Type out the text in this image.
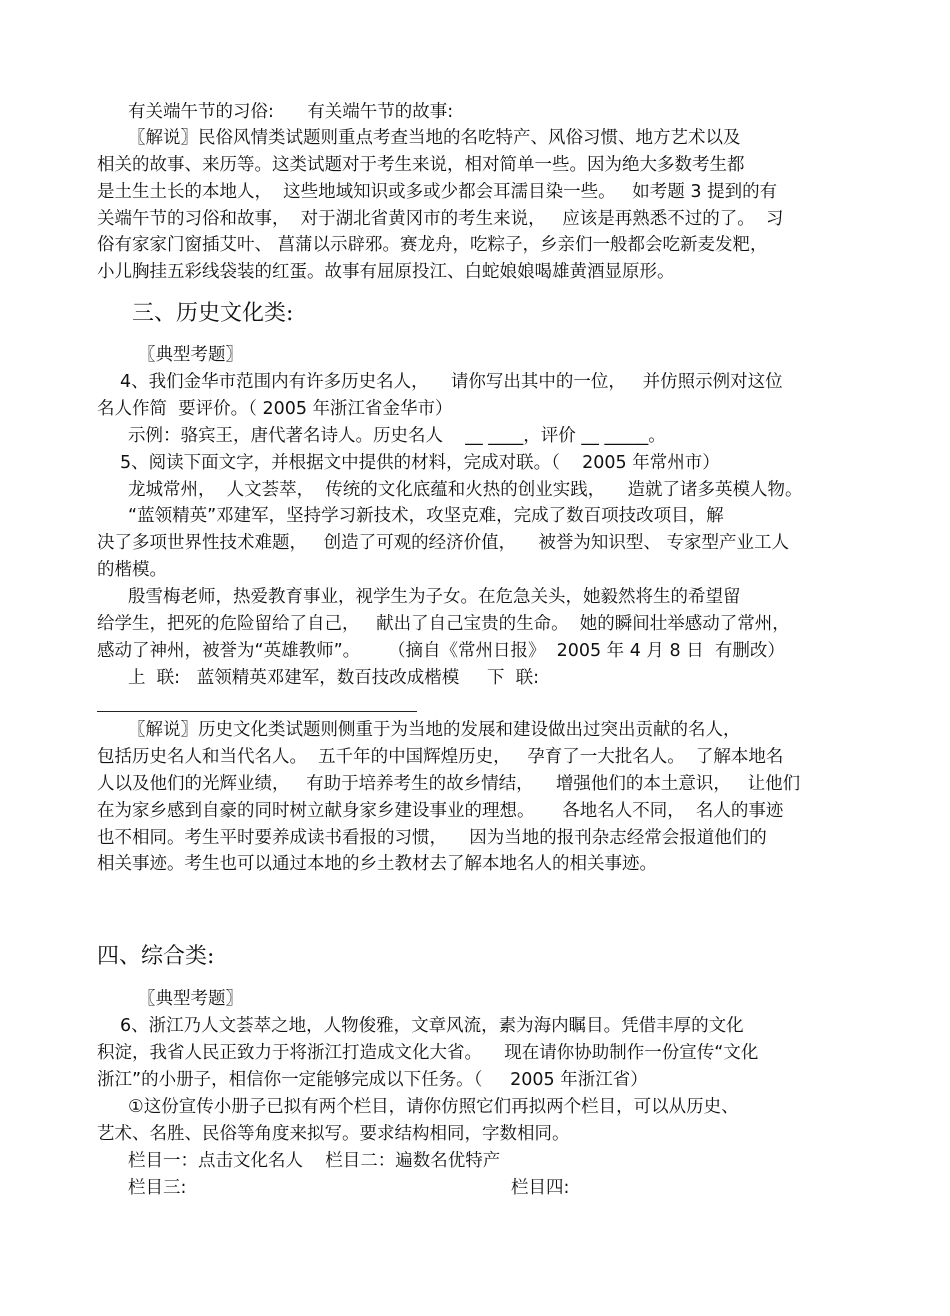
有关端午节的习俗:      有关端午节的故事:
〖解说〗民俗风情类试题则重点考查当地的名吃特产、风俗习惯、地方艺术以及
相关的故事、来历等。这类试题对于考生来说，相对简单一些。因为绝大多数考生都
是土生土长的本地人，  这些地域知识或多或少都会耳濡目染一些。   如考题 3 提到的有
关端午节的习俗和故事，  对于湖北省黄冈市的考生来说，   应该是再熟悉不过的了。  习
俗有家家门窗插艾叶、 菖蒲以示辟邪。赛龙舟，吃粽子，乡亲们一般都会吃新麦发粑，
小儿胸挂五彩线袋装的红蛋。故事有屈原投江、白蛇娘娘喝雄黄酒显原形。
三、历史文化类:
〖典型考题〗
4、我们金华市范围内有许多历史名人，    请你写出其中的一位，   并仿照示例对这位
名人作简  要评价。（ 2005 年浙江省金华市）
示例：骆宾王，唐代著名诗人。历史名人    __ ____，评价 __ _____。
5、阅读下面文字，并根据文中提供的材料，完成对联。（    2005 年常州市）
龙城常州，  人文荟萃，  传统的文化底蕴和火热的创业实践，    造就了诸多英模人物。
“蓝领精英”邓建军，坚持学习新技术，攻坚克难，完成了数百项技改项目，解
决了多项世界性技术难题，   创造了可观的经济价值，    被誉为知识型、 专家型产业工人
的楷模。
殷雪梅老师，热爱教育事业，视学生为子女。在危急关头，她毅然将生的希望留
给学生，把死的危险留给了自己，   献出了自己宝贵的生命。  她的瞬间壮举感动了常州，
感动了神州，被誉为“英雄教师”。     （摘自《常州日报》  2005 年 4 月 8 日  有删改）
上  联:   蓝领精英邓建军，数百技改成楷模     下  联:
〖解说〗历史文化类试题则侧重于为当地的发展和建设做出过突出贡献的名人，
包括历史名人和当代名人。  五千年的中国辉煌历史，   孕育了一大批名人。  了解本地名
人以及他们的光辉业绩，   有助于培养考生的故乡情结，    增强他们的本土意识，   让他们
在为家乡感到自豪的同时树立献身家乡建设事业的理想。     各地名人不同，  名人的事迹
也不相同。考生平时要养成读书看报的习惯，    因为当地的报刊杂志经常会报道他们的
相关事迹。考生也可以通过本地的乡土教材去了解本地名人的相关事迹。
四、综合类:
〖典型考题〗
6、浙江乃人文荟萃之地，人物俊雅，文章风流，素为海内瞩目。凭借丰厚的文化
积淀，我省人民正致力于将浙江打造成文化大省。    现在请你协助制作一份宣传“文化
浙江”的小册子，相信你一定能够完成以下任务。（     2005 年浙江省）
①这份宣传小册子已拟有两个栏目，请你仿照它们再拟两个栏目，可以从历史、
艺术、名胜、民俗等角度来拟写。要求结构相同，字数相同。
栏目一：点击文化名人    栏目二：遍数名优特产
栏目三:	栏目四:
